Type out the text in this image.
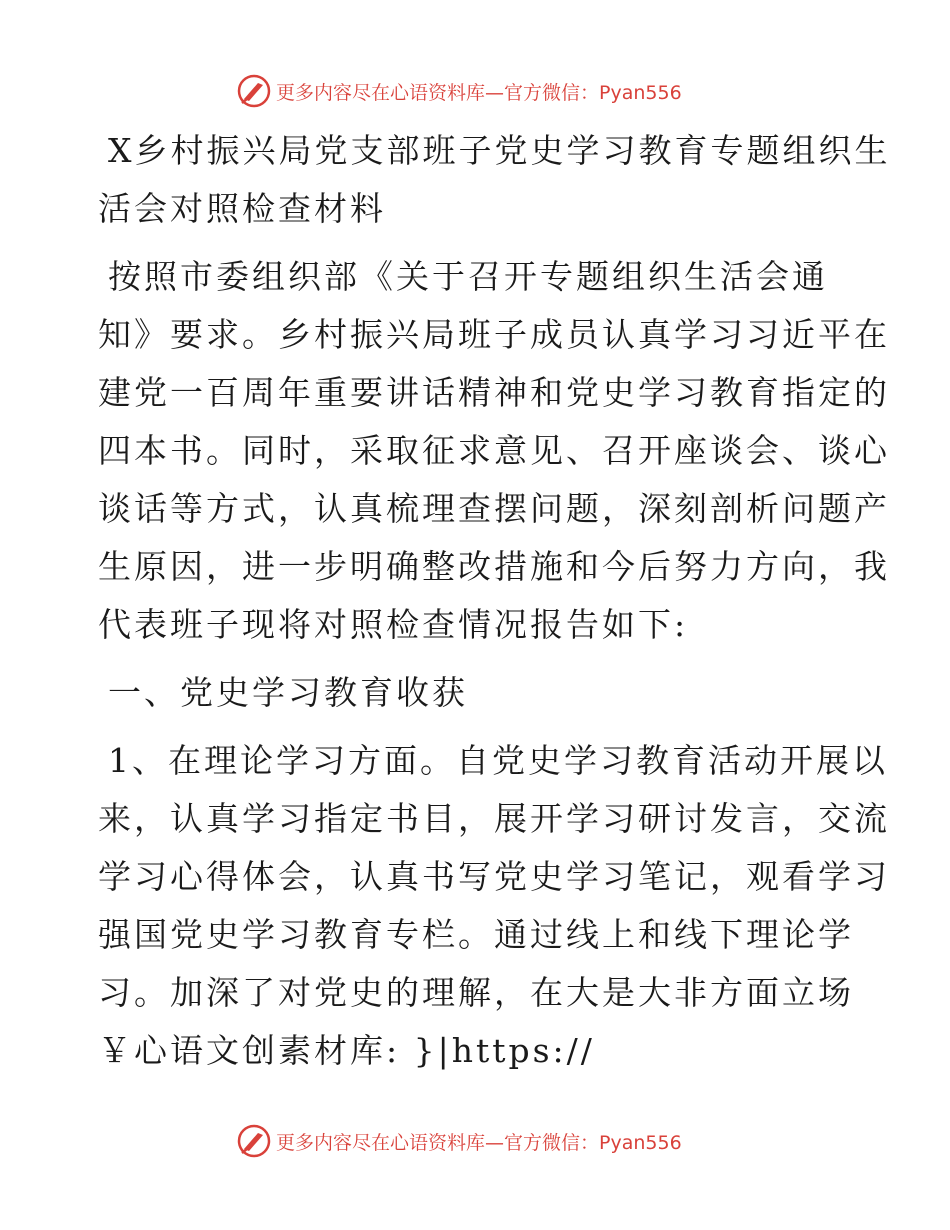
更多内容尽在心语资料库—官方微信：Pyan556
X乡村振兴局党支部班子党史学习教育专题组织生
活会对照检查材料
按照市委组织部《关于召开专题组织生活会通
知》要求。乡村振兴局班子成员认真学习习近平在
建党一百周年重要讲话精神和党史学习教育指定的
四本书。同时，采取征求意见、召开座谈会、谈心
谈话等方式，认真梳理查摆问题，深刻剖析问题产
生原因，进一步明确整改措施和今后努力方向，我
代表班子现将对照检查情况报告如下:
一、党史学习教育收获
1、在理论学习方面。自党史学习教育活动开展以
来，认真学习指定书目，展开学习研讨发言，交流
学习心得体会，认真书写党史学习笔记，观看学习
强国党史学习教育专栏。通过线上和线下理论学
习。加深了对党史的理解，在大是大非方面立场
￥心语文创素材库: }|https://
更多内容尽在心语资料库—官方微信：Pyan556
